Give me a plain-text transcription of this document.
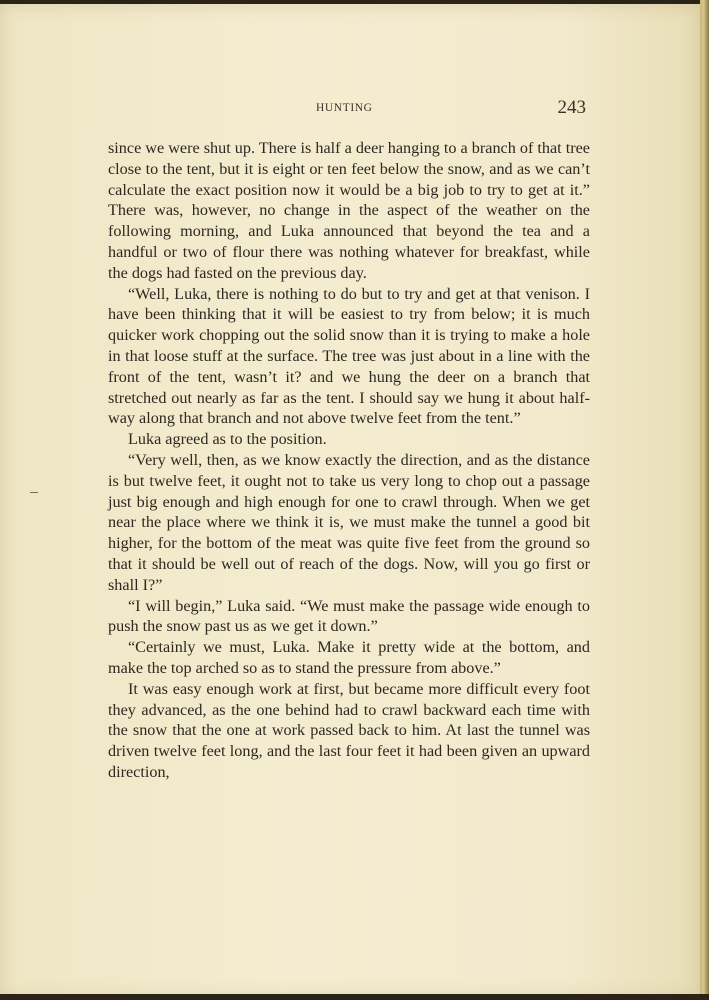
HUNTING	243

since we were shut up. There is half a deer hanging to a branch of that tree close to the tent, but it is eight or ten feet below the snow, and as we can’t calculate the exact position now it would be a big job to try to get at it.” There was, however, no change in the aspect of the weather on the following morning, and Luka announced that beyond the tea and a handful or two of flour there was nothing whatever for breakfast, while the dogs had fasted on the previous day.

“Well, Luka, there is nothing to do but to try and get at that venison. I have been thinking that it will be easiest to try from below; it is much quicker work chopping out the solid snow than it is trying to make a hole in that loose stuff at the surface. The tree was just about in a line with the front of the tent, wasn’t it? and we hung the deer on a branch that stretched out nearly as far as the tent. I should say we hung it about half-way along that branch and not above twelve feet from the tent.”

Luka agreed as to the position.

“Very well, then, as we know exactly the direction, and as the distance is but twelve feet, it ought not to take us very long to chop out a passage just big enough and high enough for one to crawl through. When we get near the place where we think it is, we must make the tunnel a good bit higher, for the bottom of the meat was quite five feet from the ground so that it should be well out of reach of the dogs. Now, will you go first or shall I?”

“I will begin,” Luka said. “We must make the passage wide enough to push the snow past us as we get it down.”

“Certainly we must, Luka. Make it pretty wide at the bottom, and make the top arched so as to stand the pressure from above.”

It was easy enough work at first, but became more difficult every foot they advanced, as the one behind had to crawl backward each time with the snow that the one at work passed back to him. At last the tunnel was driven twelve feet long, and the last four feet it had been given an upward direction,
